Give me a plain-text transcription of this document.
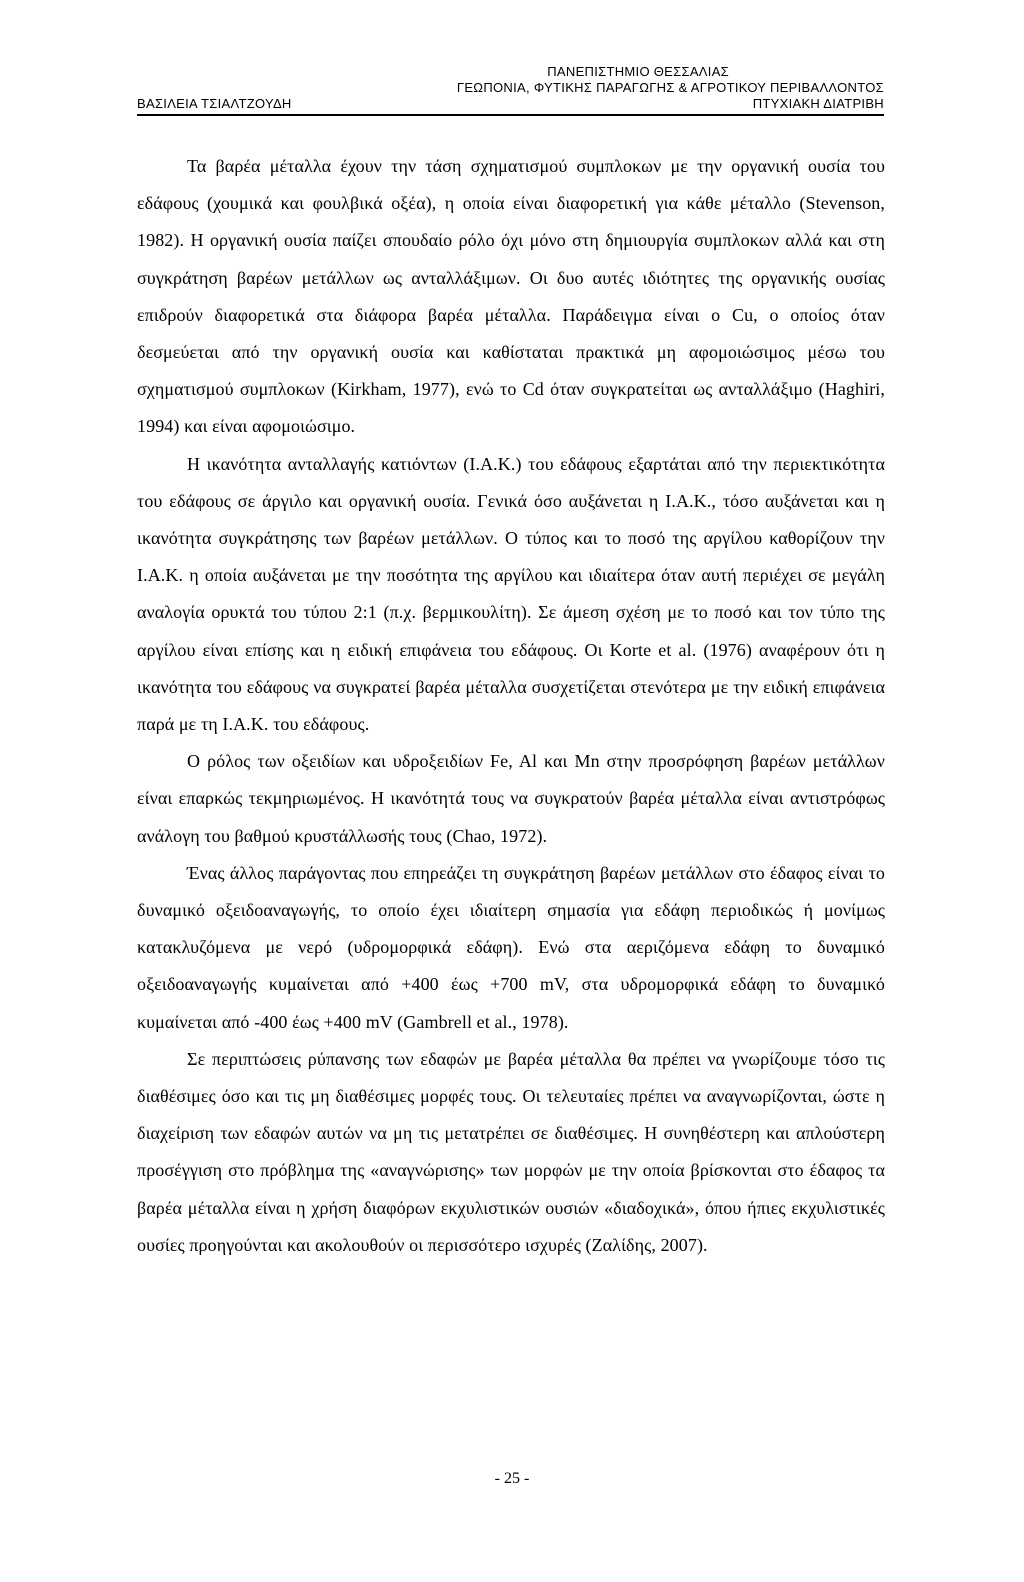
ΠΑΝΕΠΙΣΤΗΜΙΟ ΘΕΣΣΑΛΙΑΣ
ΓΕΩΠΟΝΙΑ, ΦΥΤΙΚΗΣ ΠΑΡΑΓΩΓΗΣ & ΑΓΡΟΤΙΚΟΥ ΠΕΡΙΒΑΛΛΟΝΤΟΣ
ΒΑΣΙΛΕΙΑ ΤΣΙΑΛΤΖΟΥΔΗ	ΠΤΥΧΙΑΚΗ ΔΙΑΤΡΙΒΗ

Τα βαρέα μέταλλα έχουν την τάση σχηματισμού συμπλοκων με την οργανική ουσία του εδάφους (χουμικά και φουλβικά οξέα), η οποία είναι διαφορετική για κάθε μέταλλο (Stevenson, 1982). Η οργανική ουσία παίζει σπουδαίο ρόλο όχι μόνο στη δημιουργία συμπλοκων αλλά και στη συγκράτηση βαρέων μετάλλων ως ανταλλάξιμων. Οι δυο αυτές ιδιότητες της οργανικής ουσίας επιδρούν διαφορετικά στα διάφορα βαρέα μέταλλα. Παράδειγμα είναι ο Cu, ο οποίος όταν δεσμεύεται από την οργανική ουσία και καθίσταται πρακτικά μη αφομοιώσιμος μέσω του σχηματισμού συμπλοκων (Kirkham, 1977), ενώ το Cd όταν συγκρατείται ως ανταλλάξιμο (Haghiri, 1994) και είναι αφομοιώσιμο.

Η ικανότητα ανταλλαγής κατιόντων (Ι.Α.Κ.) του εδάφους εξαρτάται από την περιεκτικότητα του εδάφους σε άργιλο και οργανική ουσία. Γενικά όσο αυξάνεται η Ι.Α.Κ., τόσο αυξάνεται και η ικανότητα συγκράτησης των βαρέων μετάλλων. Ο τύπος και το ποσό της αργίλου καθορίζουν την Ι.Α.Κ. η οποία αυξάνεται με την ποσότητα της αργίλου και ιδιαίτερα όταν αυτή περιέχει σε μεγάλη αναλογία ορυκτά του τύπου 2:1 (π.χ. βερμικουλίτη). Σε άμεση σχέση με το ποσό και τον τύπο της αργίλου είναι επίσης και η ειδική επιφάνεια του εδάφους. Οι Korte et al. (1976) αναφέρουν ότι η ικανότητα του εδάφους να συγκρατεί βαρέα μέταλλα συσχετίζεται στενότερα με την ειδική επιφάνεια παρά με τη Ι.Α.Κ. του εδάφους.

Ο ρόλος των οξειδίων και υδροξειδίων Fe, Al και Mn στην προσρόφηση βαρέων μετάλλων είναι επαρκώς τεκμηριωμένος. Η ικανότητά τους να συγκρατούν βαρέα μέταλλα είναι αντιστρόφως ανάλογη του βαθμού κρυστάλλωσής τους (Chao, 1972).

Ένας άλλος παράγοντας που επηρεάζει τη συγκράτηση βαρέων μετάλλων στο έδαφος είναι το δυναμικό οξειδοαναγωγής, το οποίο έχει ιδιαίτερη σημασία για εδάφη περιοδικώς ή μονίμως κατακλυζόμενα με νερό (υδρομορφικά εδάφη). Ενώ στα αεριζόμενα εδάφη το δυναμικό οξειδοαναγωγής κυμαίνεται από +400 έως +700 mV, στα υδρομορφικά εδάφη το δυναμικό κυμαίνεται από -400 έως +400 mV (Gambrell et al., 1978).

Σε περιπτώσεις ρύπανσης των εδαφών με βαρέα μέταλλα θα πρέπει να γνωρίζουμε τόσο τις διαθέσιμες όσο και τις μη διαθέσιμες μορφές τους. Οι τελευταίες πρέπει να αναγνωρίζονται, ώστε η διαχείριση των εδαφών αυτών να μη τις μετατρέπει σε διαθέσιμες. Η συνηθέστερη και απλούστερη προσέγγιση στο πρόβλημα της «αναγνώρισης» των μορφών με την οποία βρίσκονται στο έδαφος τα βαρέα μέταλλα είναι η χρήση διαφόρων εκχυλιστικών ουσιών «διαδοχικά», όπου ήπιες εκχυλιστικές ουσίες προηγούνται και ακολουθούν οι περισσότερο ισχυρές (Ζαλίδης, 2007).

- 25 -
